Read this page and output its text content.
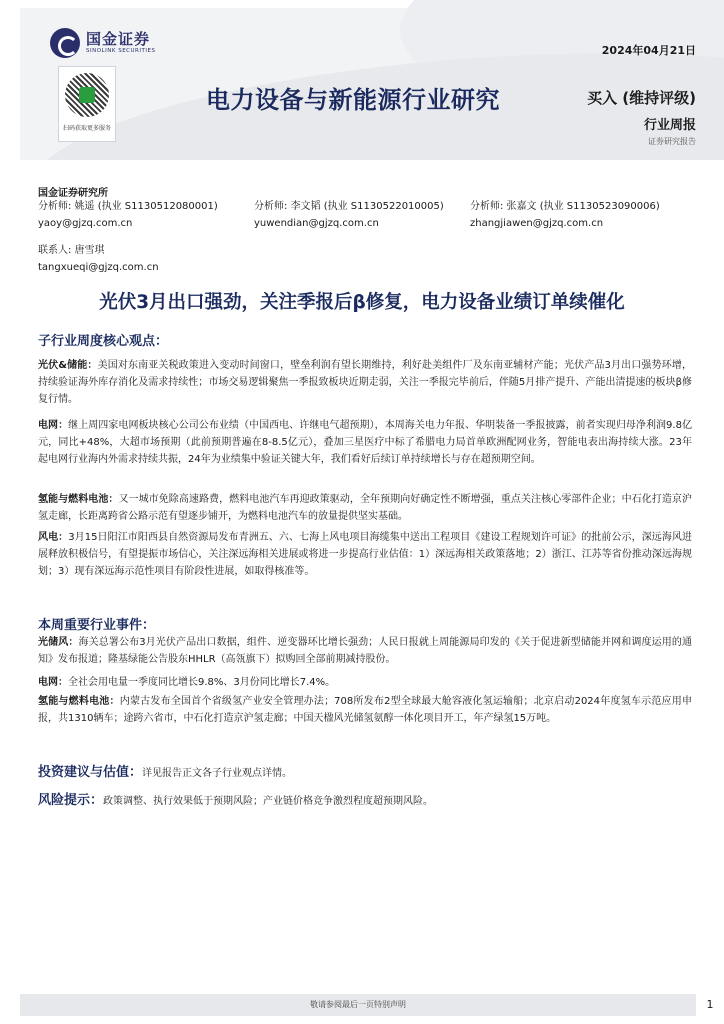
国金证券
SINOLINK SECURITIES
扫码获取更多服务
2024年04月21日
电力设备与新能源行业研究	买入 (维持评级)
行业周报
证券研究报告
国金证券研究所
分析师: 姚遥 (执业 S1130512080001)
yaoy@gjzq.com.cn
分析师: 李文韬 (执业 S1130522010005)
yuwendian@gjzq.com.cn
分析师: 张嘉文 (执业 S1130523090006)
zhangjiawen@gjzq.com.cn
联系人: 唐雪琪
tangxueqi@gjzq.com.cn
光伏3月出口强劲，关注季报后β修复，电力设备业绩订单续催化
子行业周度核心观点：
光伏&储能：美国对东南亚关税政策进入变动时间窗口，壁垒利润有望长期维持，利好赴美组件厂及东南亚辅材产能；光伏产品3月出口强势环增，持续验证海外库存消化及需求持续性；市场交易逻辑聚焦一季报致板块近期走弱，关注一季报完毕前后，伴随5月排产提升、产能出清提速的板块β修复行情。
电网：继上周四家电网板块核心公司公布业绩（中国西电、许继电气超预期），本周海关电力年报、华明装备一季报披露，前者实现归母净利润9.8亿元，同比+48%，大超市场预期（此前预期普遍在8-8.5亿元），叠加三星医疗中标了希腊电力局首单欧洲配网业务，智能电表出海持续大涨。23年起电网行业海内外需求持续共振，24年为业绩集中验证关键大年，我们看好后续订单持续增长与存在超预期空间。
氢能与燃料电池：又一城市免除高速路费，燃料电池汽车再迎政策驱动，全年预期向好确定性不断增强，重点关注核心零部件企业；中石化打造京沪氢走廊，长距离跨省公路示范有望逐步铺开，为燃料电池汽车的放量提供坚实基础。
风电：3月15日阳江市阳西县自然资源局发布青洲五、六、七海上风电项目海缆集中送出工程项目《建设工程规划许可证》的批前公示，深远海风进展释放积极信号，有望提振市场信心，关注深远海相关进展或将进一步提高行业估值：1）深远海相关政策落地；2）浙江、江苏等省份推动深远海规划；3）现有深远海示范性项目有阶段性进展，如取得核准等。
本周重要行业事件：
光储风：海关总署公布3月光伏产品出口数据，组件、逆变器环比增长强劲；人民日报就上周能源局印发的《关于促进新型储能并网和调度运用的通知》发布报道；隆基绿能公告股东HHLR（高瓴旗下）拟购回全部前期减持股份。
电网：全社会用电量一季度同比增长9.8%、3月份同比增长7.4%。
氢能与燃料电池：内蒙古发布全国首个省级氢产业安全管理办法；708所发布2型全球最大舱容液化氢运输船；北京启动2024年度氢车示范应用申报，共1310辆车；途跨六省市，中石化打造京沪氢走廊；中国天楹风光储氢氨醇一体化项目开工，年产绿氢15万吨。
投资建议与估值：详见报告正文各子行业观点详情。
风险提示：政策调整、执行效果低于预期风险；产业链价格竞争激烈程度超预期风险。
敬请参阅最后一页特别声明	1
